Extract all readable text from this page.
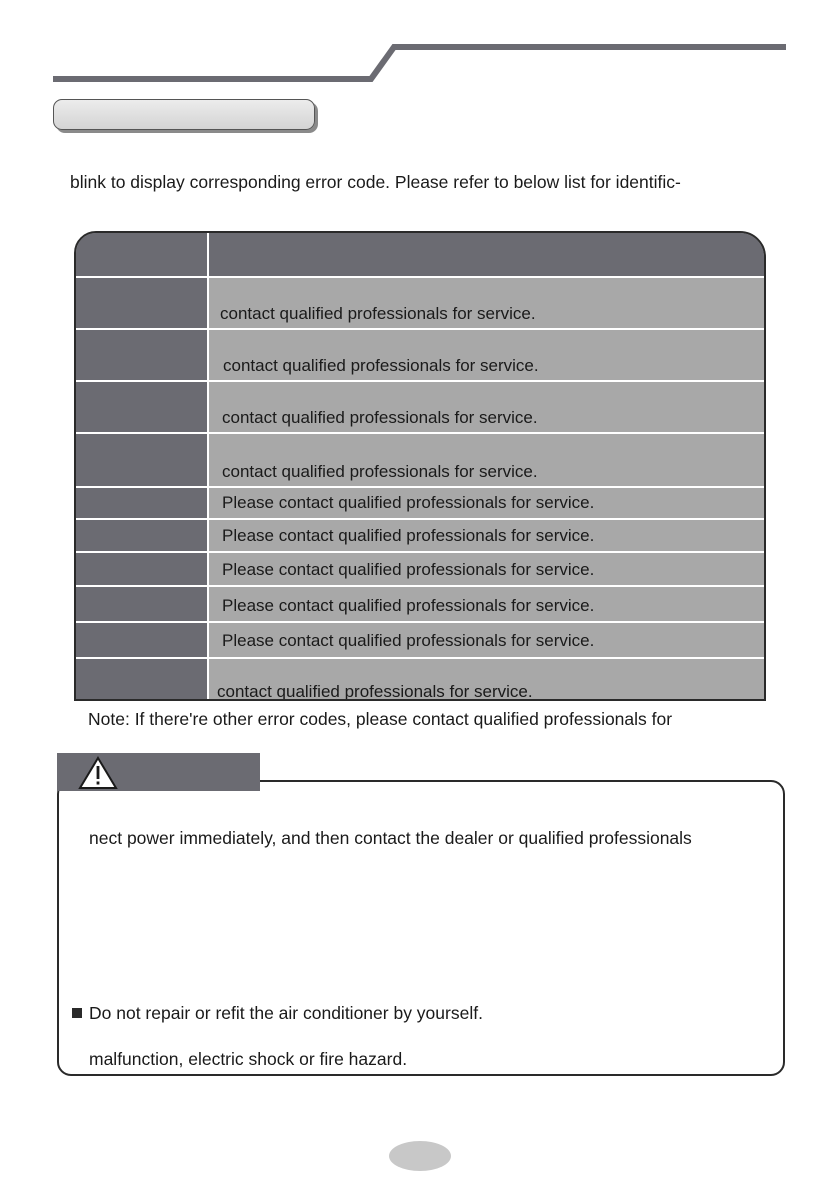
blink to display corresponding error code. Please refer to below list for identific-
contact qualified professionals for service.
contact qualified professionals for service.
contact qualified professionals for service.
contact qualified professionals for service.
Please contact qualified professionals for service.
Please contact qualified professionals for service.
Please contact qualified professionals for service.
Please contact qualified professionals for service.
Please contact qualified professionals for service.
contact qualified professionals for service.
Note: If there're other error codes, please contact qualified professionals for
nect power immediately, and then contact the dealer or qualified professionals
Do not repair or refit the air conditioner by yourself.
malfunction, electric shock or fire hazard.
